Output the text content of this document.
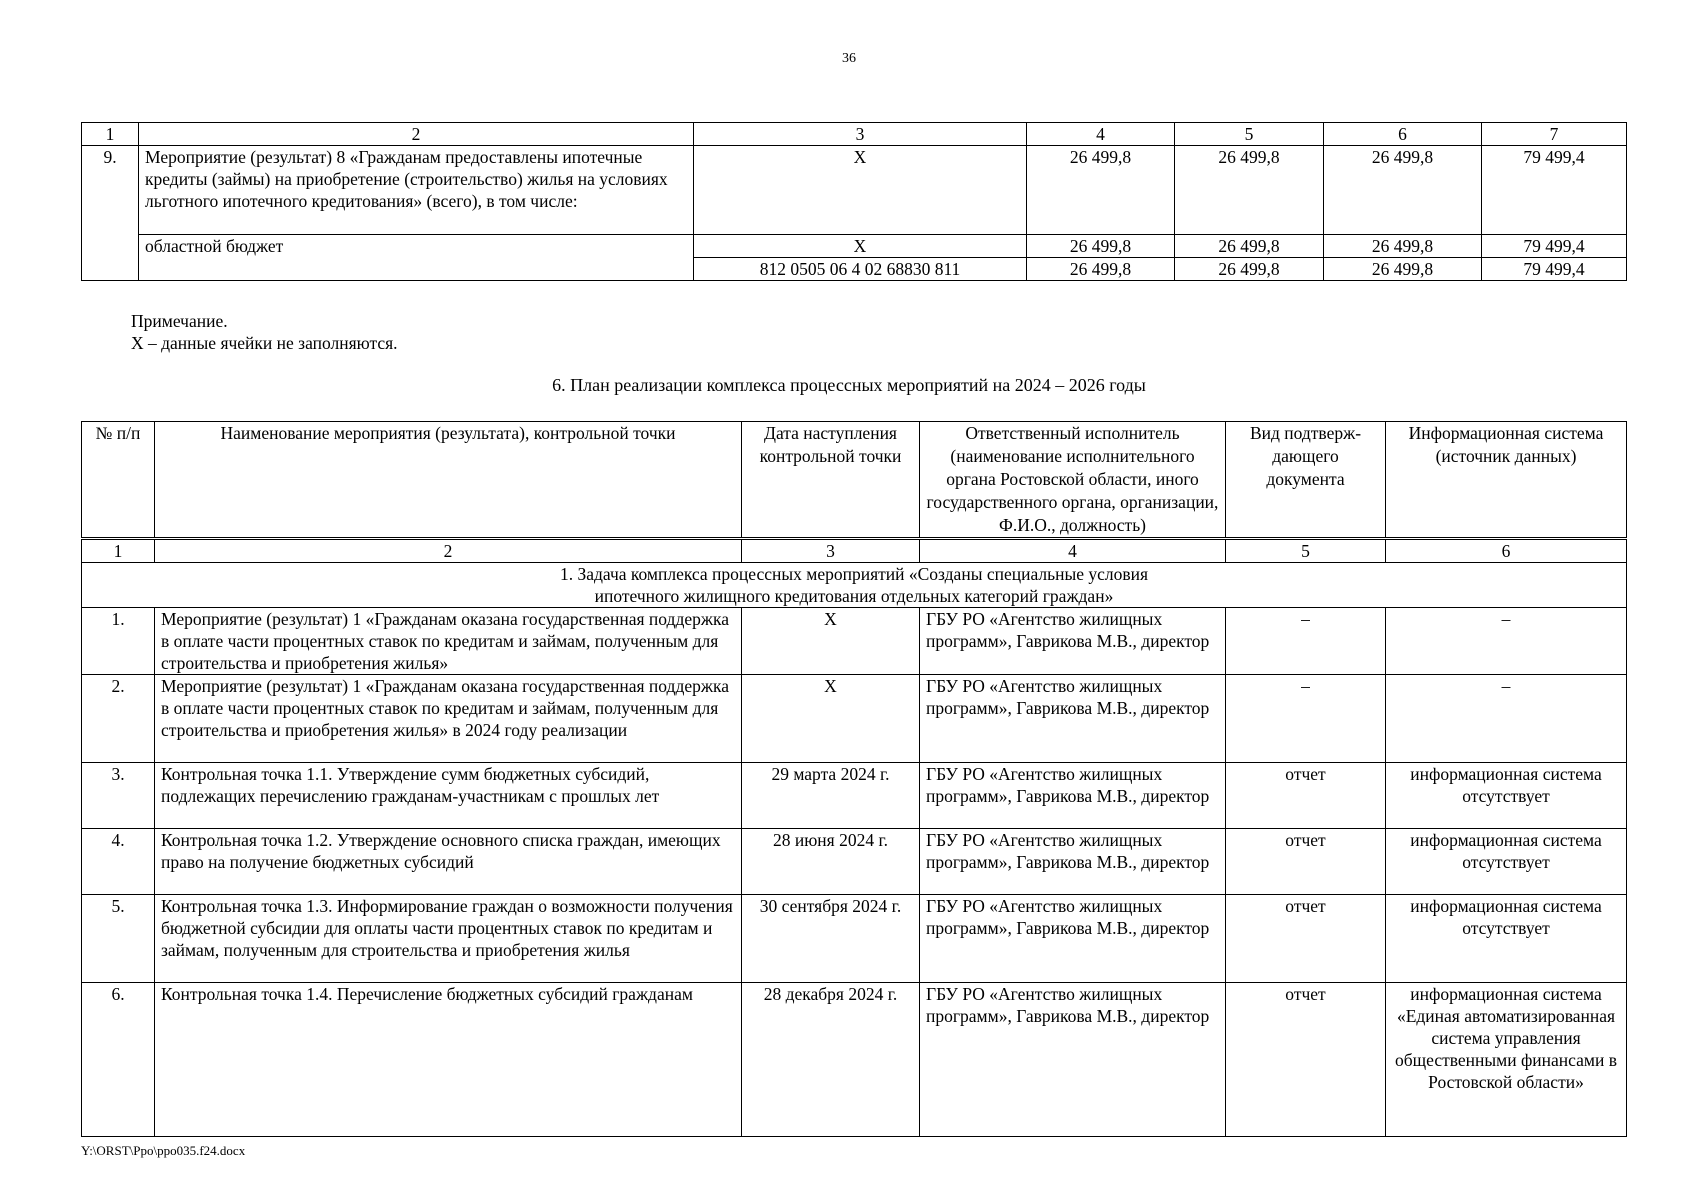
36
1	2	3	4	5	6	7
9.	Мероприятие (результат) 8 «Гражданам предоставлены ипотечные кредиты (займы) на приобретение (строительство) жилья на условиях льготного ипотечного кредитования» (всего), в том числе:	Х	26 499,8	26 499,8	26 499,8	79 499,4
	областной бюджет	Х	26 499,8	26 499,8	26 499,8	79 499,4
		812 0505 06 4 02 68830 811	26 499,8	26 499,8	26 499,8	79 499,4
Примечание.
Х – данные ячейки не заполняются.
6. План реализации комплекса процессных мероприятий на 2024 – 2026 годы
№ п/п	Наименование мероприятия (результата), контрольной точки	Дата наступления контрольной точки	Ответственный исполнитель (наименование исполнительного органа Ростовской области, иного государственного органа, организации, Ф.И.О., должность)	Вид подтверж-дающего документа	Информационная система (источник данных)
1	2	3	4	5	6
1. Задача комплекса процессных мероприятий «Созданы специальные условия ипотечного жилищного кредитования отдельных категорий граждан»					
1.	Мероприятие (результат) 1 «Гражданам оказана государственная поддержка в оплате части процентных ставок по кредитам и займам, полученным для строительства и приобретения жилья»	Х	ГБУ РО «Агентство жилищных программ», Гаврикова М.В., директор	–	–
2.	Мероприятие (результат) 1 «Гражданам оказана государственная поддержка в оплате части процентных ставок по кредитам и займам, полученным для строительства и приобретения жилья» в 2024 году реализации	Х	ГБУ РО «Агентство жилищных программ», Гаврикова М.В., директор	–	–
3.	Контрольная точка 1.1. Утверждение сумм бюджетных субсидий, подлежащих перечислению гражданам-участникам с прошлых лет	29 марта 2024 г.	ГБУ РО «Агентство жилищных программ», Гаврикова М.В., директор	отчет	информационная система отсутствует
4.	Контрольная точка 1.2. Утверждение основного списка граждан, имеющих право на получение бюджетных субсидий	28 июня 2024 г.	ГБУ РО «Агентство жилищных программ», Гаврикова М.В., директор	отчет	информационная система отсутствует
5.	Контрольная точка 1.3. Информирование граждан о возможности получения бюджетной субсидии для оплаты части процентных ставок по кредитам и займам, полученным для строительства и приобретения жилья	30 сентября 2024 г.	ГБУ РО «Агентство жилищных программ», Гаврикова М.В., директор	отчет	информационная система отсутствует
6.	Контрольная точка 1.4. Перечисление бюджетных субсидий гражданам	28 декабря 2024 г.	ГБУ РО «Агентство жилищных программ», Гаврикова М.В., директор	отчет	информационная система «Единая автоматизированная система управления общественными финансами в Ростовской области»
Y:\ORST\Ppo\ppo035.f24.docx
